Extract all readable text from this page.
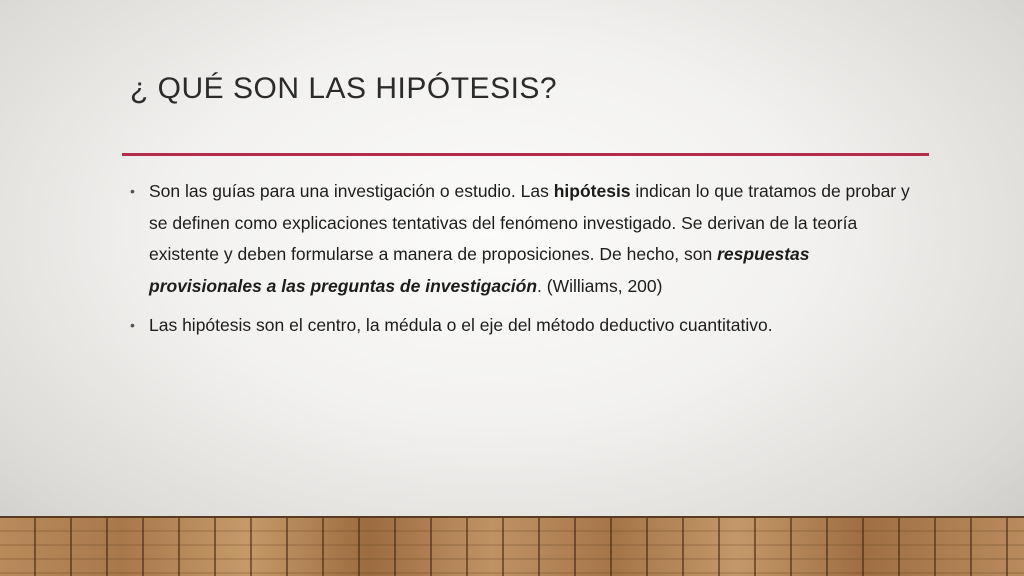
¿ QUÉ SON LAS HIPÓTESIS?
• Son las guías para una investigación o estudio. Las hipótesis indican lo que tratamos de probar y se definen como explicaciones tentativas del fenómeno investigado. Se derivan de la teoría existente y deben formularse a manera de proposiciones. De hecho, son respuestas provisionales a las preguntas de investigación. (Williams, 200)
• Las hipótesis son el centro, la médula o el eje del método deductivo cuantitativo.
